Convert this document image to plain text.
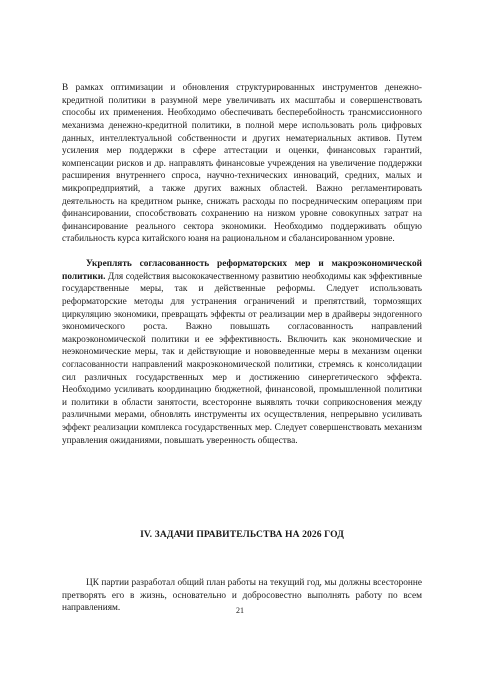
В рамках оптимизации и обновления структурированных инструментов денежно-кредитной политики в разумной мере увеличивать их масштабы и совершенствовать способы их применения. Необходимо обеспечивать бесперебойность трансмиссионного механизма денежно-кредитной политики, в полной мере использовать роль цифровых данных, интеллектуальной собственности и других нематериальных активов. Путем усиления мер поддержки в сфере аттестации и оценки, финансовых гарантий, компенсации рисков и др. направлять финансовые учреждения на увеличение поддержки расширения внутреннего спроса, научно-технических инноваций, средних, малых и микропредприятий, а также других важных областей. Важно регламентировать деятельность на кредитном рынке, снижать расходы по посредническим операциям при финансировании, способствовать сохранению на низком уровне совокупных затрат на финансирование реального сектора экономики. Необходимо поддерживать общую стабильность курса китайского юаня на рациональном и сбалансированном уровне.

Укреплять согласованность реформаторских мер и макроэкономической политики. Для содействия высококачественному развитию необходимы как эффективные государственные меры, так и действенные реформы. Следует использовать реформаторские методы для устранения ограничений и препятствий, тормозящих циркуляцию экономики, превращать эффекты от реализации мер в драйверы эндогенного экономического роста. Важно повышать согласованность направлений макроэкономической политики и ее эффективность. Включить как экономические и неэкономические меры, так и действующие и нововведенные меры в механизм оценки согласованности направлений макроэкономической политики, стремясь к консолидации сил различных государственных мер и достижению синергетического эффекта. Необходимо усиливать координацию бюджетной, финансовой, промышленной политики и политики в области занятости, всесторонне выявлять точки соприкосновения между различными мерами, обновлять инструменты их осуществления, непрерывно усиливать эффект реализации комплекса государственных мер. Следует совершенствовать механизм управления ожиданиями, повышать уверенность общества.

IV. ЗАДАЧИ ПРАВИТЕЛЬСТВА НА 2026 ГОД

ЦК партии разработал общий план работы на текущий год, мы должны всесторонне претворять его в жизнь, основательно и добросовестно выполнять работу по всем направлениям.	21
